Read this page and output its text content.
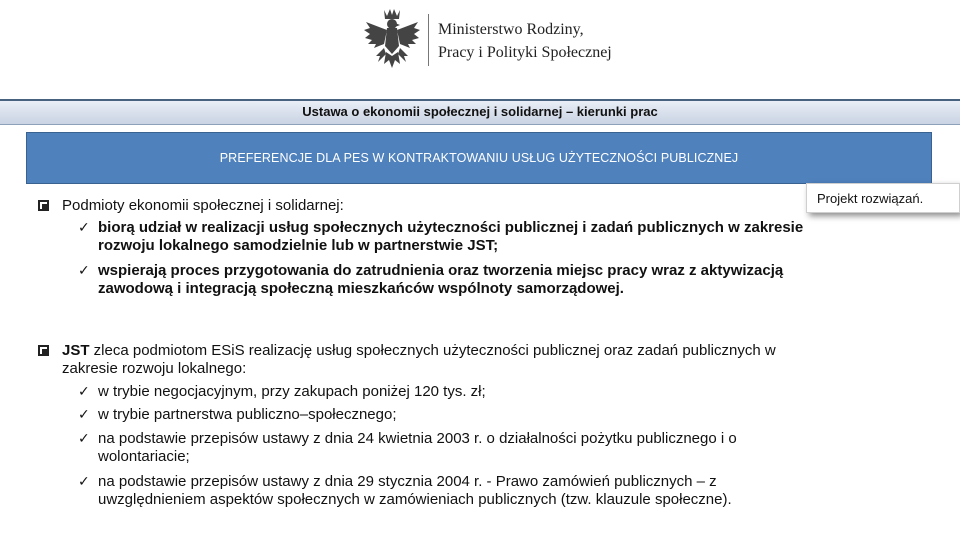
Ministerstwo Rodziny,
Pracy i Polityki Społecznej
Ustawa o ekonomii społecznej i solidarnej – kierunki prac
PREFERENCJE DLA PES W KONTRAKTOWANIU USŁUG UŻYTECZNOŚCI PUBLICZNEJ
Projekt rozwiązań.
Podmioty ekonomii społecznej i solidarnej:
✓ biorą udział w realizacji usług społecznych użyteczności publicznej i zadań publicznych w zakresie
rozwoju lokalnego samodzielnie lub w partnerstwie JST;
✓ wspierają proces przygotowania do zatrudnienia oraz tworzenia miejsc pracy wraz z aktywizacją
zawodową i integracją społeczną mieszkańców wspólnoty samorządowej.
JST zleca podmiotom ESiS realizację usług społecznych użyteczności publicznej oraz zadań publicznych w
zakresie rozwoju lokalnego:
✓ w trybie negocjacyjnym, przy zakupach poniżej 120 tys. zł;
✓ w trybie partnerstwa publiczno–społecznego;
✓ na podstawie przepisów ustawy z dnia 24 kwietnia 2003 r. o działalności pożytku publicznego i o
wolontariacie;
✓ na podstawie przepisów ustawy z dnia 29 stycznia 2004 r. - Prawo zamówień publicznych – z
uwzględnieniem aspektów społecznych w zamówieniach publicznych (tzw. klauzule społeczne).
